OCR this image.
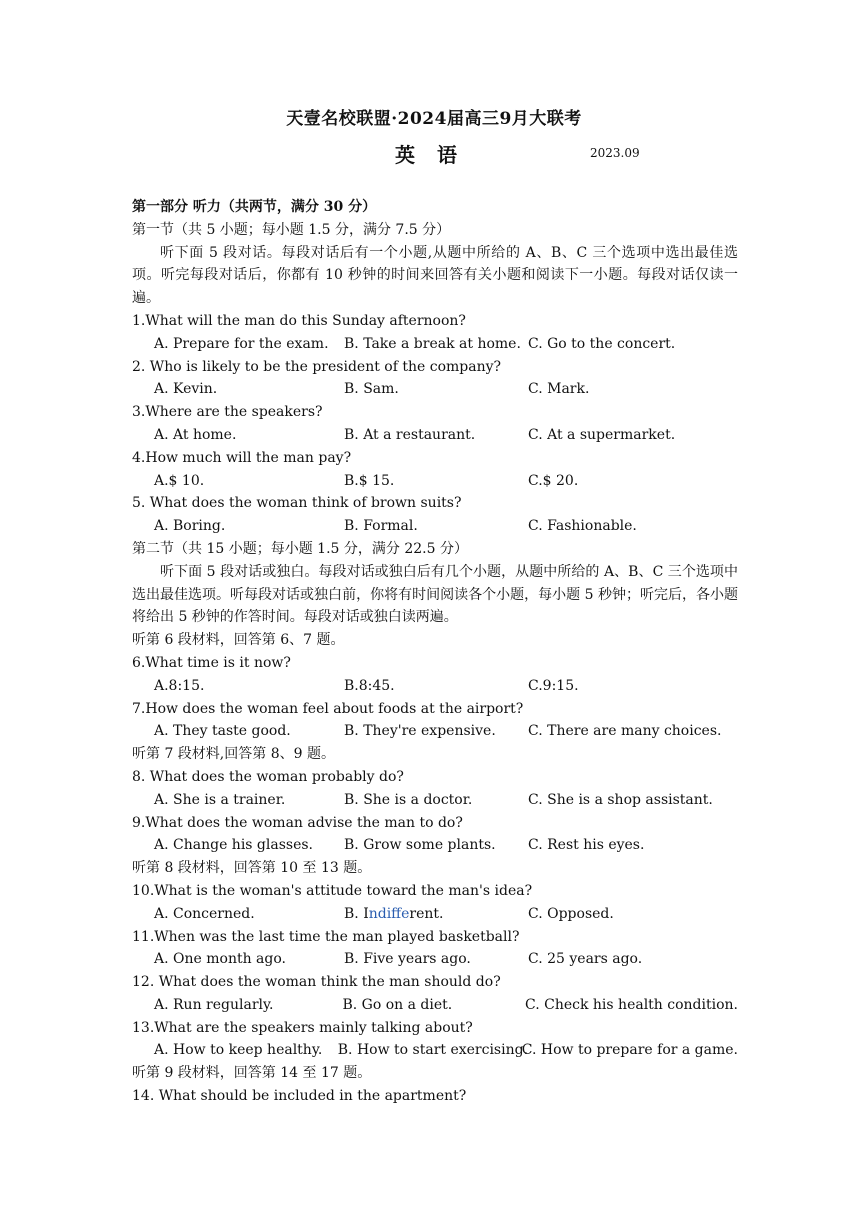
天壹名校联盟·2024届高三9月大联考
英语	2023.09
第一部分 听力（共两节，满分 30 分）
第一节（共 5 小题；每小题 1.5 分，满分 7.5 分）
听下面 5 段对话。每段对话后有一个小题,从题中所给的 A、B、C 三个选项中选出最佳选项。听完每段对话后，你都有 10 秒钟的时间来回答有关小题和阅读下一小题。每段对话仅读一遍。
1.What will the man do this Sunday afternoon?
A. Prepare for the exam.	B. Take a break at home. C. Go to the concert.
2. Who is likely to be the president of the company?
A. Kevin.	B. Sam.	C. Mark.
3.Where are the speakers?
A. At home.	B. At a restaurant.	C. At a supermarket.
4.How much will the man pay?
A.$ 10.	B.$ 15.	C.$ 20.
5. What does the woman think of brown suits?
A. Boring.	B. Formal.	C. Fashionable.
第二节（共 15 小题；每小题 1.5 分，满分 22.5 分）
听下面 5 段对话或独白。每段对话或独白后有几个小题，从题中所给的 A、B、C 三个选项中选出最佳选项。听每段对话或独白前，你将有时间阅读各个小题，每小题 5 秒钟；听完后，各小题将给出 5 秒钟的作答时间。每段对话或独白读两遍。
听第 6 段材料，回答第 6、7 题。
6.What time is it now?
A.8:15.	B.8:45.	C.9:15.
7.How does the woman feel about foods at the airport?
A. They taste good.	B. They're expensive.	C. There are many choices.
听第 7 段材料,回答第 8、9 题。
8. What does the woman probably do?
A. She is a trainer.	B. She is a doctor.	C. She is a shop assistant.
9.What does the woman advise the man to do?
A. Change his glasses.	B. Grow some plants.	C. Rest his eyes.
听第 8 段材料，回答第 10 至 13 题。
10.What is the woman's attitude toward the man's idea?
A. Concerned.	B. Indifferent.	C. Opposed.
11.When was the last time the man played basketball?
A. One month ago.	B. Five years ago.	C. 25 years ago.
12. What does the woman think the man should do?
A. Run regularly.	B. Go on a diet.	C. Check his health condition.
13.What are the speakers mainly talking about?
A. How to keep healthy.	B. How to start exercising.
C. How to prepare for a game.
听第 9 段材料，回答第 14 至 17 题。
14. What should be included in the apartment?
